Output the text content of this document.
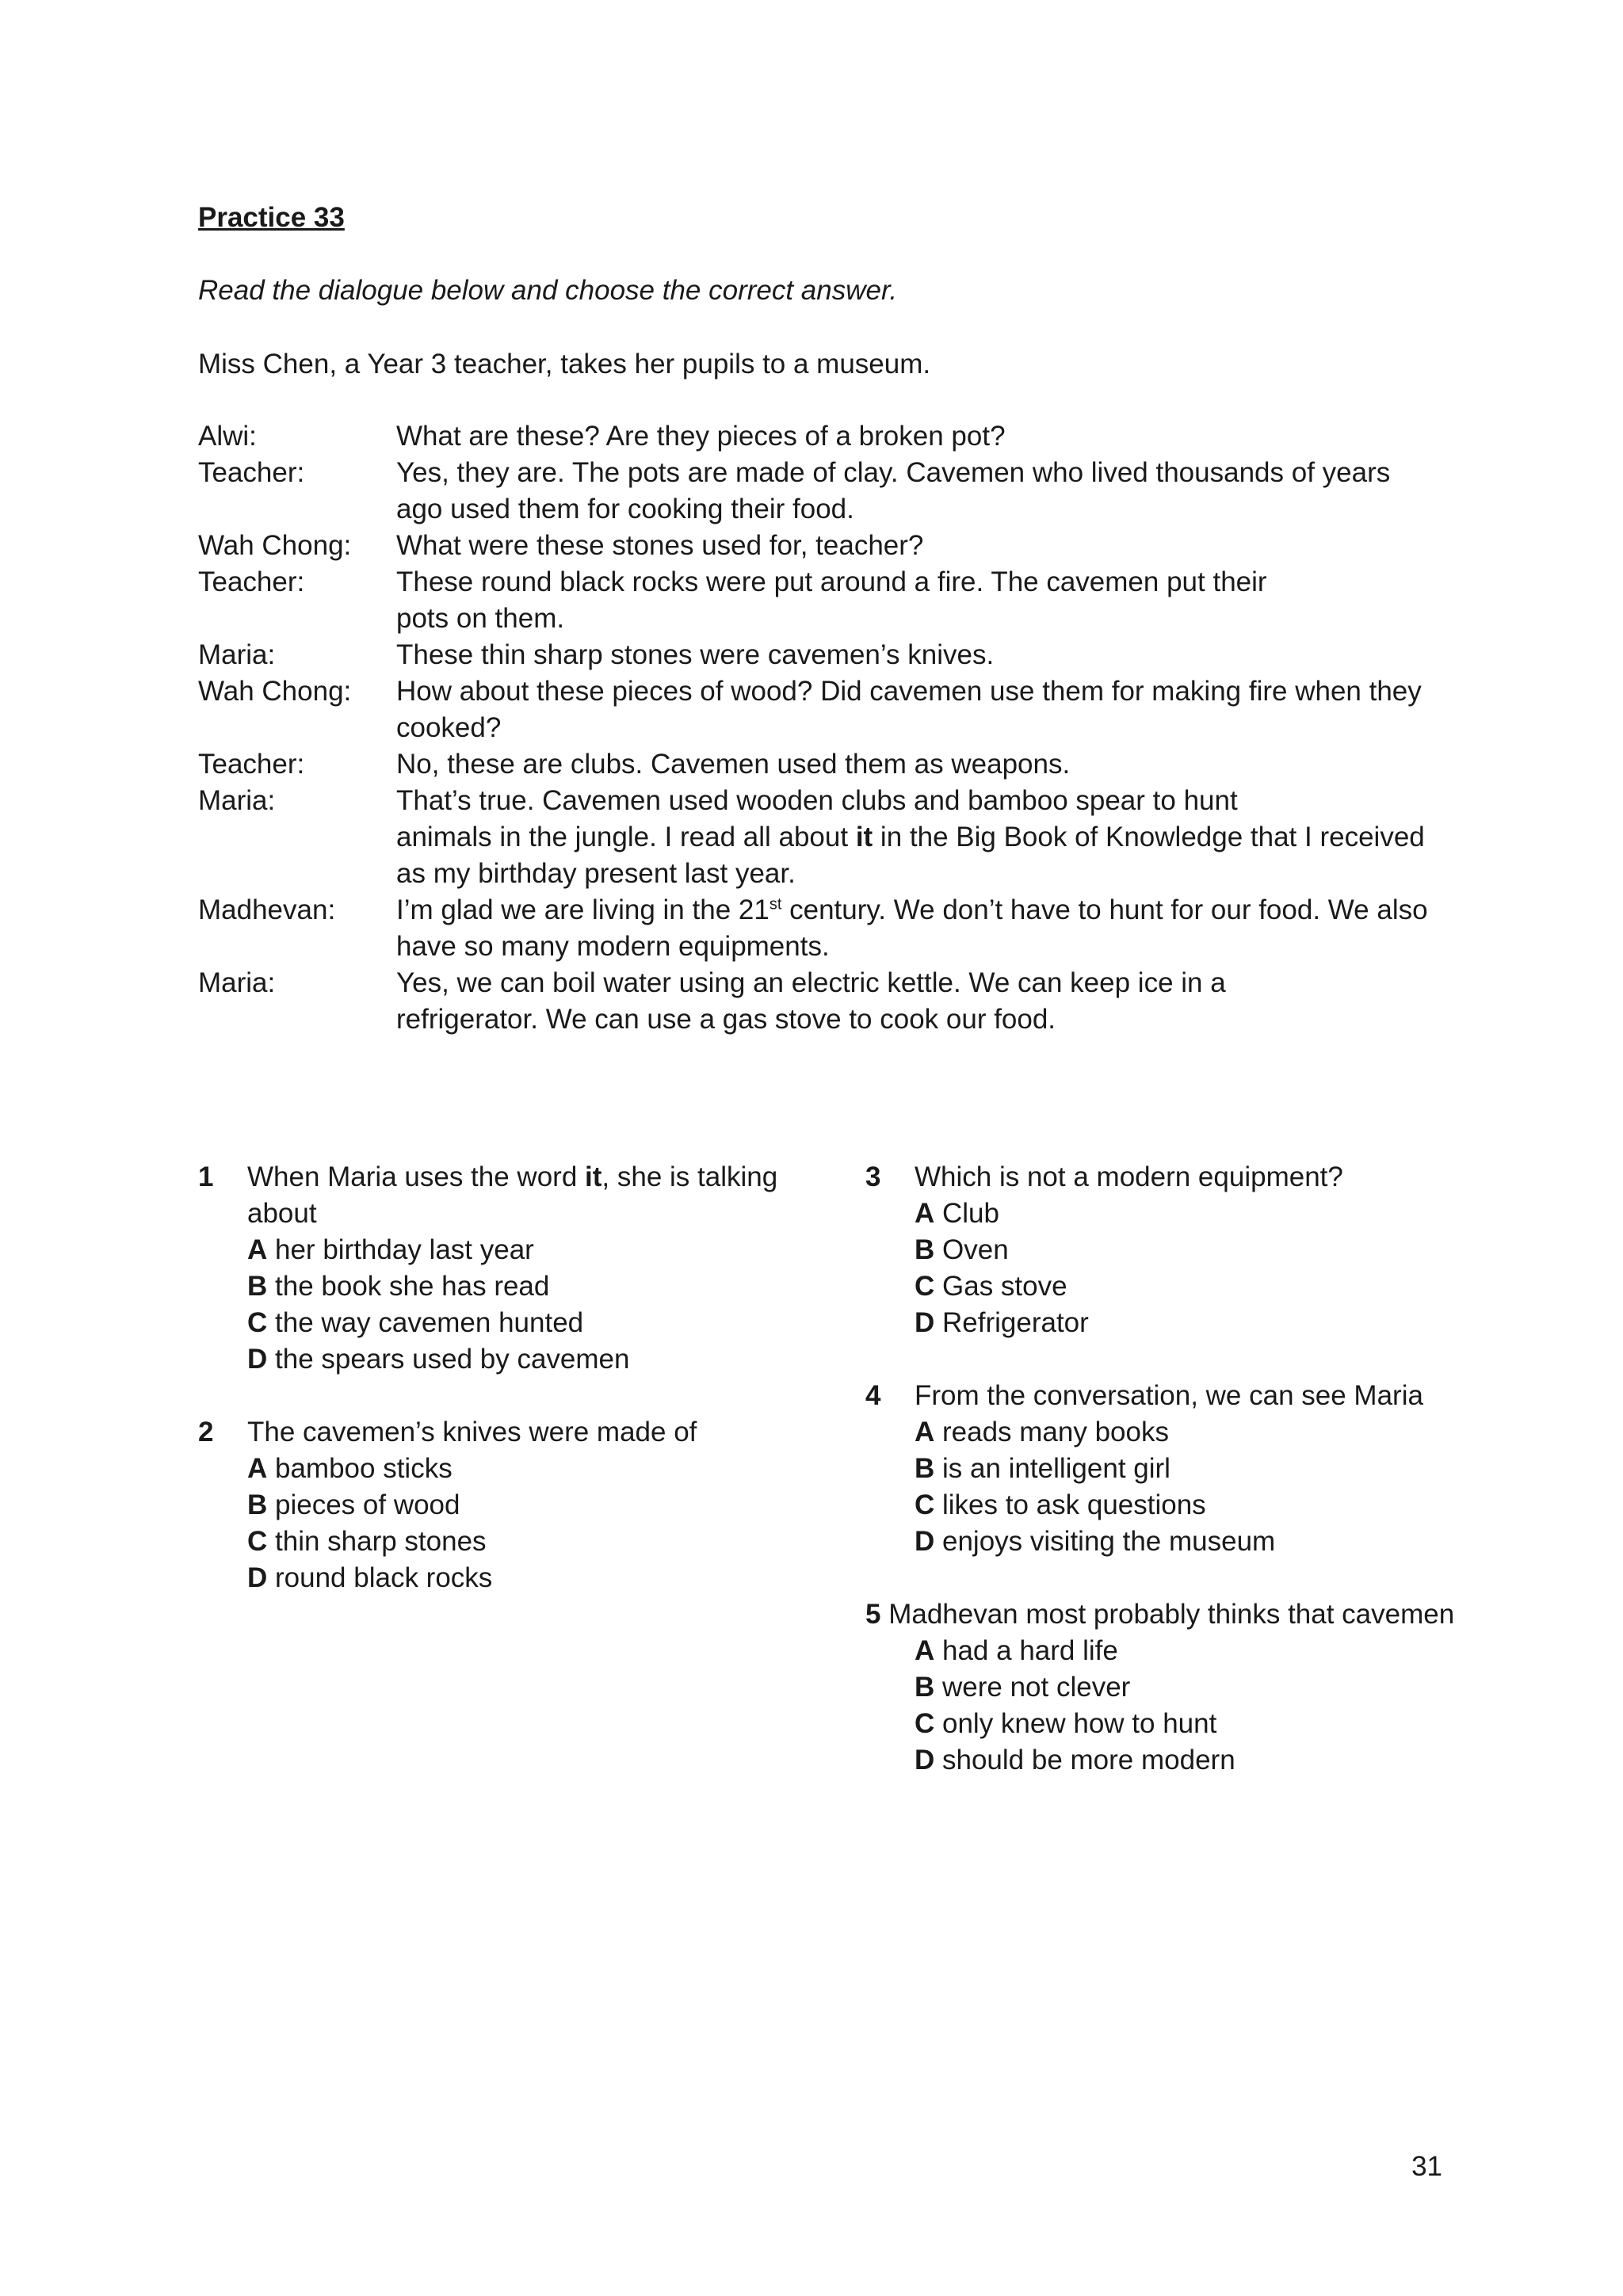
Practice 33

Read the dialogue below and choose the correct answer.

Miss Chen, a Year 3 teacher, takes her pupils to a museum.

Alwi:	What are these? Are they pieces of a broken pot?
Teacher:	Yes, they are. The pots are made of clay. Cavemen who lived thousands of years ago used them for cooking their food.
Wah Chong:	What were these stones used for, teacher?
Teacher:	These round black rocks were put around a fire. The cavemen put their
pots on them.
Maria:	These thin sharp stones were cavemen’s knives.
Wah Chong:	How about these pieces of wood? Did cavemen use them for making fire when they cooked?
Teacher:	No, these are clubs. Cavemen used them as weapons.
Maria:	That’s true. Cavemen used wooden clubs and bamboo spear to hunt
animals in the jungle. I read all about it in the Big Book of Knowledge that I received as my birthday present last year.
Madhevan:	I’m glad we are living in the 21st century. We don’t have to hunt for our food. We also have so many modern equipments.
Maria:	Yes, we can boil water using an electric kettle. We can keep ice in a
refrigerator. We can use a gas stove to cook our food.
1	When Maria uses the word it, she is talking about
A her birthday last year
B the book she has read
C the way cavemen hunted
D the spears used by cavemen
2	The cavemen’s knives were made of
A bamboo sticks
B pieces of wood
C thin sharp stones
D round black rocks
3	Which is not a modern equipment?
A Club
B Oven
C Gas stove
D Refrigerator
4	From the conversation, we can see Maria
A reads many books
B is an intelligent girl
C likes to ask questions
D enjoys visiting the museum
5 Madhevan most probably thinks that cavemen
A had a hard life
B were not clever
C only knew how to hunt
D should be more modern

31
